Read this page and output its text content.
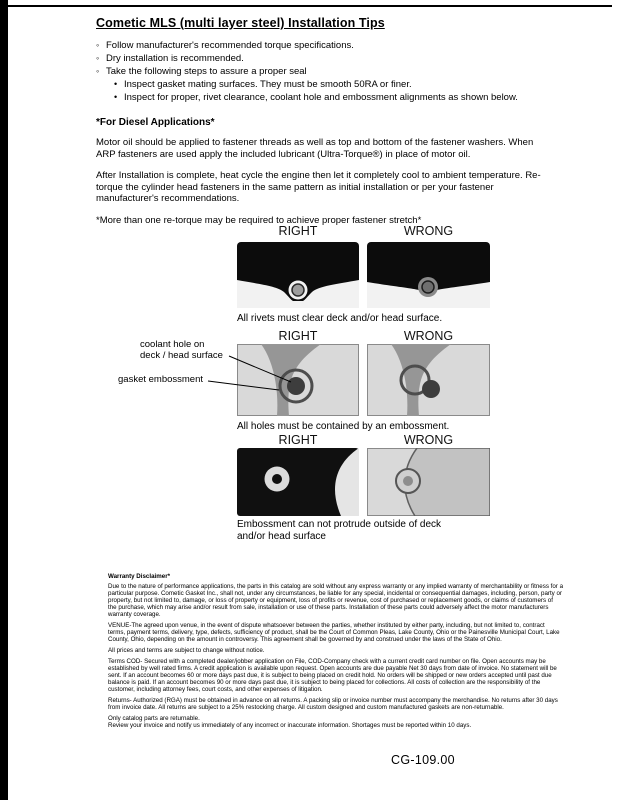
Cometic MLS (multi layer steel) Installation Tips
◦ Follow manufacturer's recommended torque specifications.
◦ Dry installation is recommended.
◦ Take the following steps to assure a proper seal
• Inspect gasket mating surfaces. They must be smooth 50RA or finer.
• Inspect for proper, rivet clearance, coolant hole and embossment alignments as shown below.
*For Diesel Applications*

Motor oil should be applied to fastener threads as well as top and bottom of the fastener washers. When ARP fasteners are used apply the included lubricant (Ultra-Torque®) in place of motor oil.

After Installation is complete, heat cycle the engine then let it completely cool to ambient temperature. Re-torque the cylinder head fasteners in the same pattern as initial installation or per your fastener manufacturer's recommendations.

*More than one re-torque may be required to achieve proper fastener stretch*
RIGHT	WRONG
All rivets must clear deck and/or head surface.
RIGHT	WRONG
coolant hole on
deck / head surface
gasket embossment
All holes must be contained by an embossment.
RIGHT	WRONG
Embossment can not protrude outside of deck
and/or head surface
Warranty Disclaimer*

Due to the nature of performance applications, the parts in this catalog are sold without any express warranty or any implied warranty of merchantability or fitness for a particular purpose. Cometic Gasket Inc., shall not, under any circumstances, be liable for any special, incidental or consequential damages, including, person, party or property, but not limited to, damage, or loss of property or equipment, loss of profits or revenue, cost of purchased or replacement goods, or claims of customers of the purchase, which may arise and/or result from sale, installation or use of these parts. Installation of these parts could adversely affect the motor manufacturers warranty coverage.

VENUE-The agreed upon venue, in the event of dispute whatsoever between the parties, whether instituted by either party, including, but not limited to, contract terms, payment terms, delivery, type, defects, sufficiency of product, shall be the Court of Common Pleas, Lake County, Ohio or the Painesville Municipal Court, Lake County, Ohio, depending on the amount in controversy. This agreement shall be governed by and construed under the laws of the State of Ohio.

All prices and terms are subject to change without notice.

Terms COD- Secured with a completed dealer/jobber application on File, COD-Company check with a current credit card number on file. Open accounts may be established by well rated firms. A credit application is available upon request. Open accounts are due payable Net 30 days from date of invoice. No statement will be sent. If an account becomes 60 or more days past due, it is subject to being placed on credit hold. No orders will be shipped or new orders accepted until past due balance is paid. If an account becomes 90 or more days past due, it is subject to being placed for collections. All costs of collection are the responsibility of the customer, including attorney fees, court costs, and other expenses of litigation.

Returns- Authorized (RGA) must be obtained in advance on all returns. A packing slip or invoice number must accompany the merchandise. No returns after 30 days from invoice date. All returns are subject to a 25% restocking charge. All custom designed and custom manufactured gaskets are non-returnable.

Only catalog parts are returnable.

Review your invoice and notify us immediately of any incorrect or inaccurate information. Shortages must be reported within 10 days.

CG-109.00
